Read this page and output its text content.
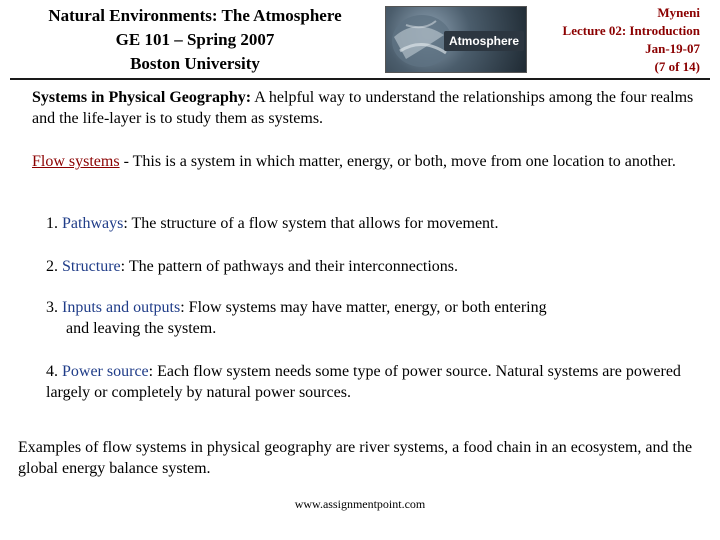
Natural Environments: The Atmosphere
GE 101 – Spring 2007
Boston University
Atmosphere
Myneni
Lecture 02: Introduction
Jan-19-07
(7 of 14)
Systems in Physical Geography: A helpful way to understand the relationships among the four realms and the life-layer is to study them as systems.
Flow systems - This is a system in which matter, energy, or both, move from one location to another.
1. Pathways: The structure of a flow system that allows for movement.
2. Structure: The pattern of pathways and their interconnections.
3. Inputs and outputs: Flow systems may have matter, energy, or both entering
and leaving the system.
4. Power source: Each flow system needs some type of power source. Natural systems are powered largely or completely by natural power sources.
Examples of flow systems in physical geography are river systems, a food chain in an ecosystem, and the global energy balance system.
www.assignmentpoint.com
